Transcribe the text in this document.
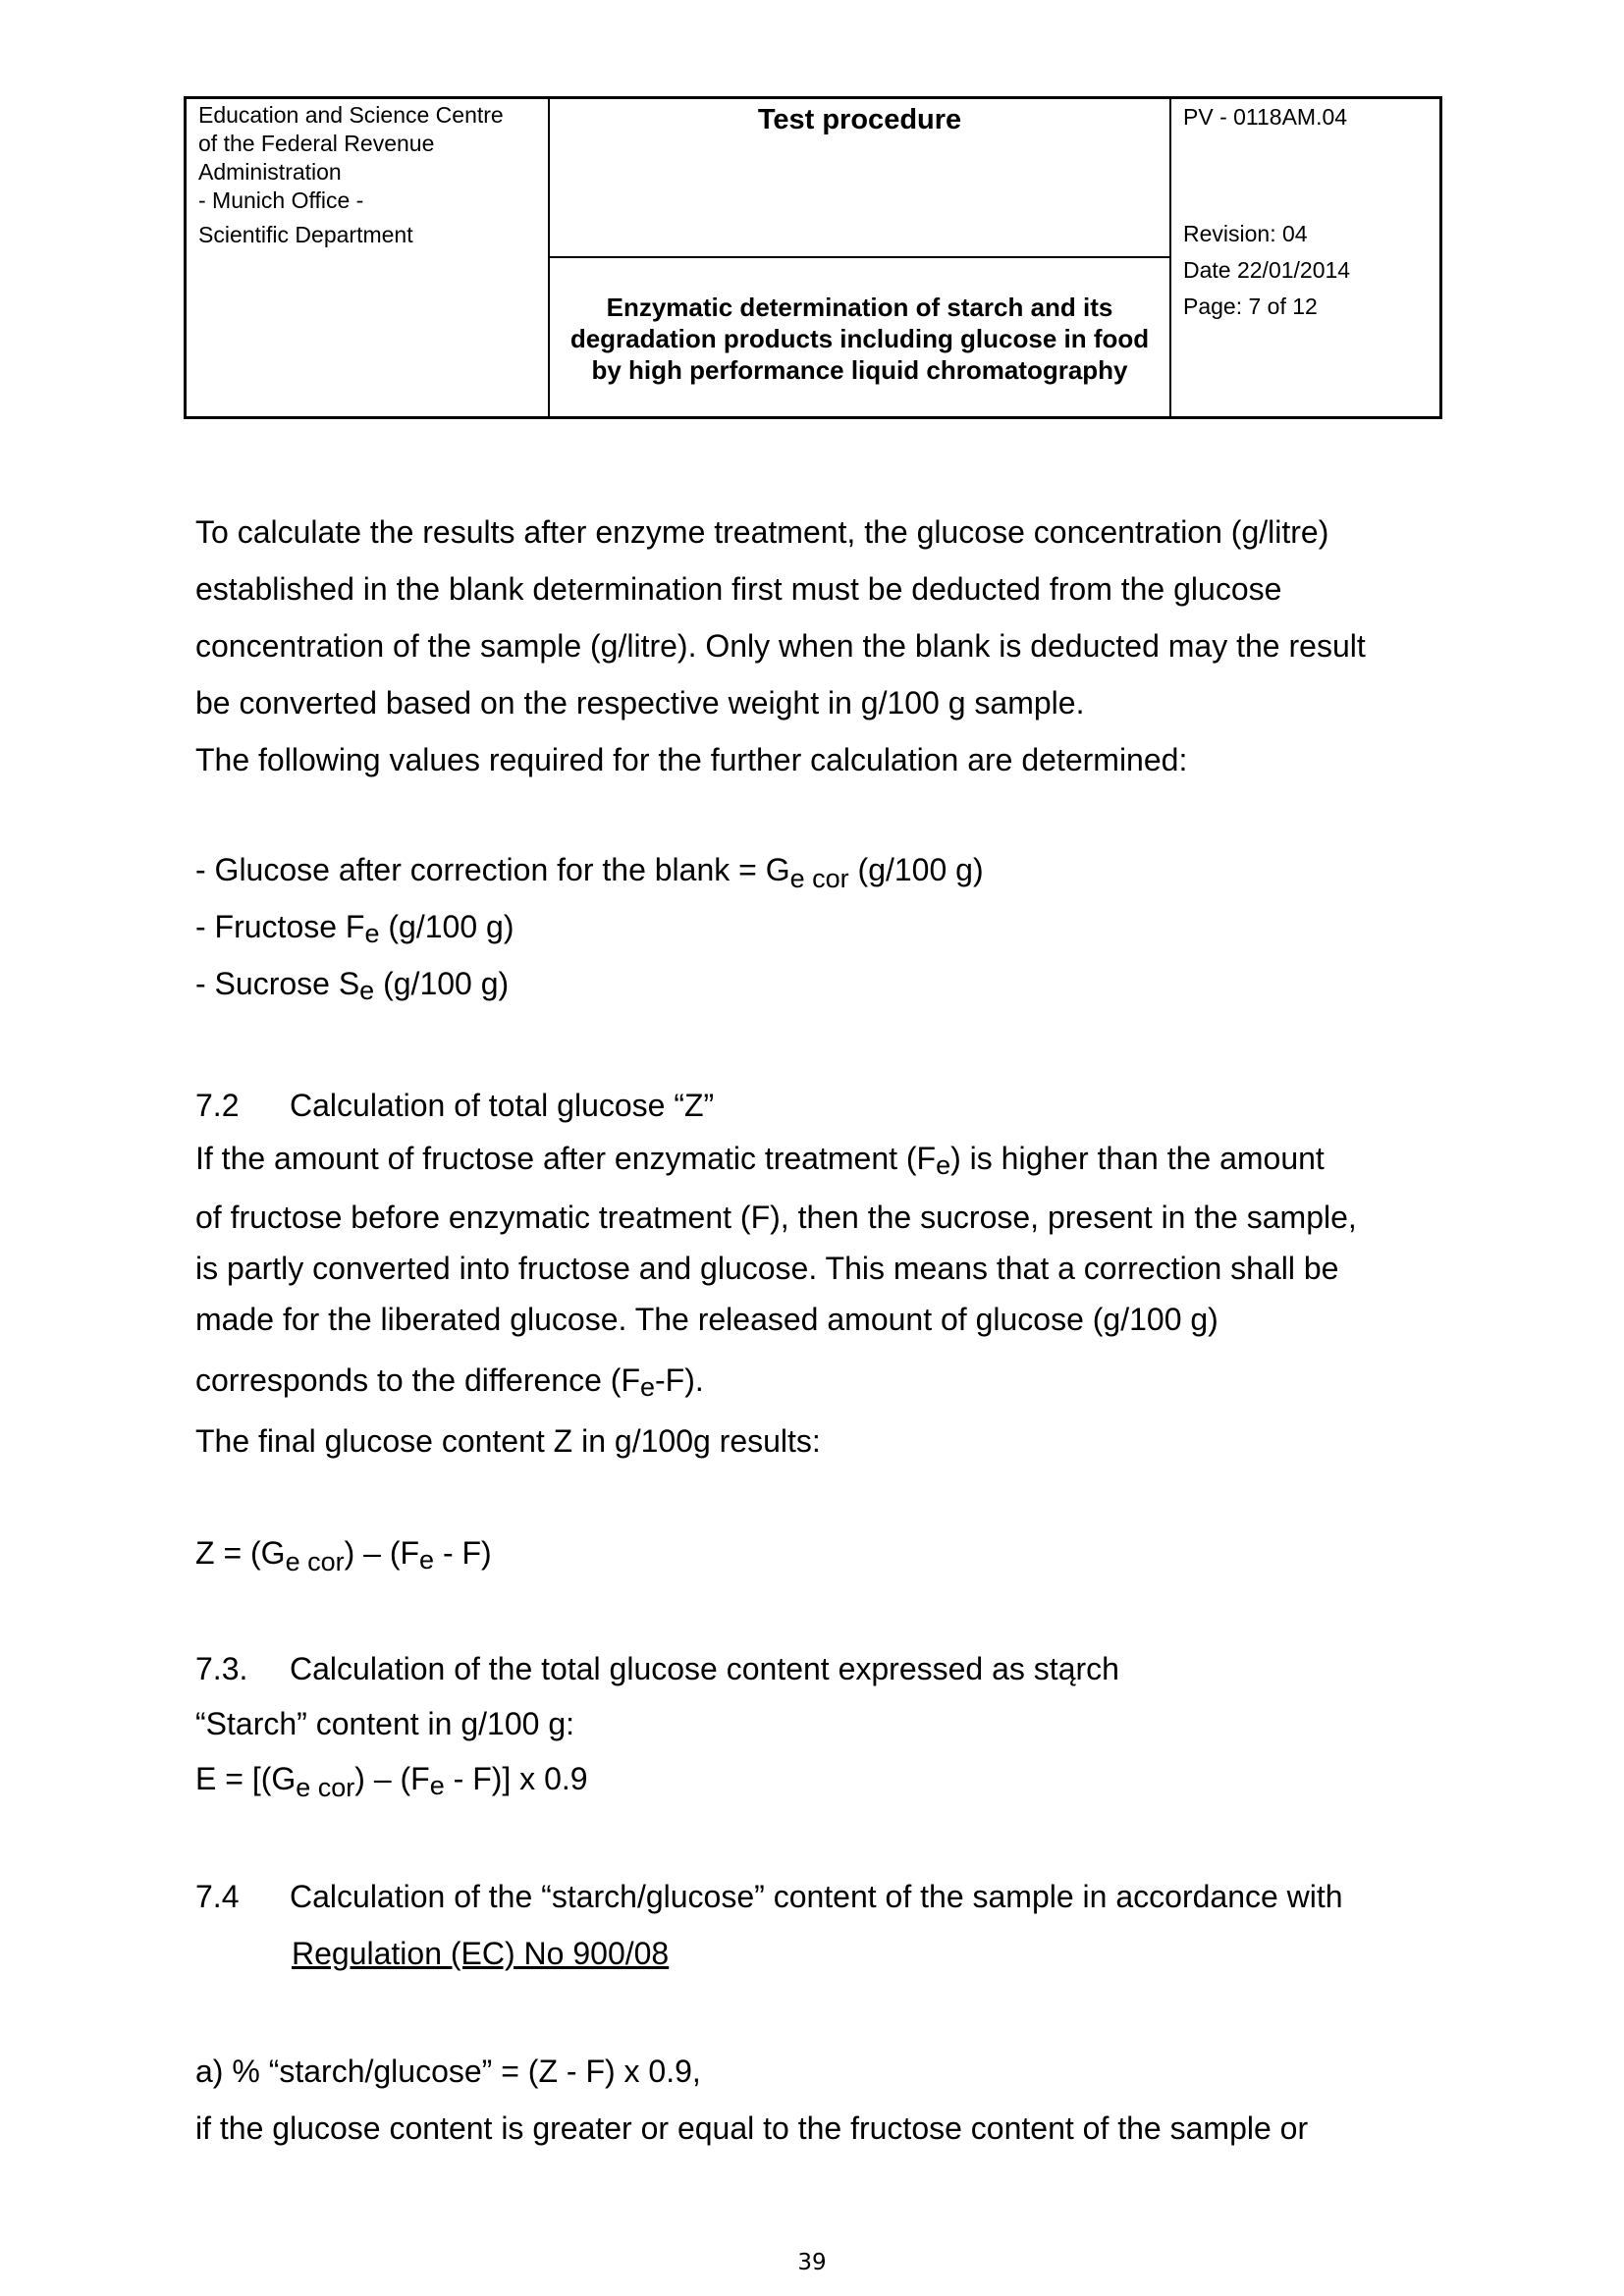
Education and Science Centre
of the Federal Revenue
Administration
- Munich Office -
Scientific Department
Test procedure
Enzymatic determination of starch and its degradation products including glucose in food by high performance liquid chromatography
PV - 0118AM.04
Revision: 04
Date 22/01/2014
Page: 7 of 12
To calculate the results after enzyme treatment, the glucose concentration (g/litre)
established in the blank determination first must be deducted from the glucose
concentration of the sample (g/litre). Only when the blank is deducted may the result
be converted based on the respective weight in g/100 g sample.
The following values required for the further calculation are determined:
- Glucose after correction for the blank = $G_{e cor}$ (g/100 g)
- Fructose Fe (g/100 g)
- Sucrose Se (g/100 g)
7.2 Calculation of total glucose “Z”
If the amount of fructose after enzymatic treatment (Fe) is higher than the amount
of fructose before enzymatic treatment (F), then the sucrose, present in the sample,
is partly converted into fructose and glucose. This means that a correction shall be
made for the liberated glucose. The released amount of glucose (g/100 g)
corresponds to the difference (Fe-F).
The final glucose content Z in g/100g results:
$Z = (G_{e cor}) - (Fe - F)$
7.3. Calculation of the total glucose content expressed as stąrch
“Starch” content in g/100 g:
$E = [(G_{e cor}) - (Fe - F)]$ x 0.9
7.4 Calculation of the “starch/glucose” content of the sample in accordance with
Regulation (EC) No 900/08
a) % “starch/glucose” = (Z - F) x 0.9,
if the glucose content is greater or equal to the fructose content of the sample or
39
